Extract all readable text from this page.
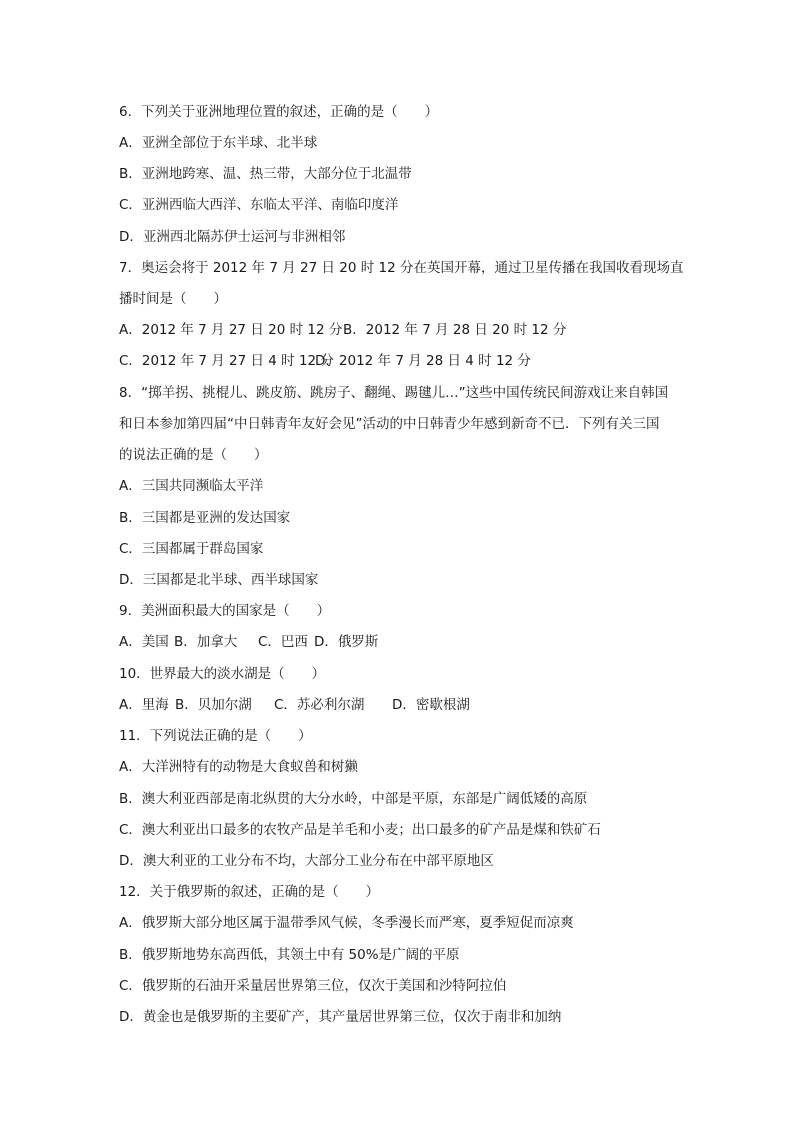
6．下列关于亚洲地理位置的叙述，正确的是（　　）
A．亚洲全部位于东半球、北半球
B．亚洲地跨寒、温、热三带，大部分位于北温带
C．亚洲西临大西洋、东临太平洋、南临印度洋
D．亚洲西北隔苏伊士运河与非洲相邻
7．奥运会将于 2012 年 7 月 27 日 20 时 12 分在英国开幕，通过卫星传播在我国收看现场直
播时间是（　　）
A．2012 年 7 月 27 日 20 时 12 分B．2012 年 7 月 28 日 20 时 12 分
C．2012 年 7 月 27 日 4 时 12 分D．2012 年 7 月 28 日 4 时 12 分
8．“掷羊拐、挑棍儿、跳皮筋、跳房子、翻绳、踢毽儿…”这些中国传统民间游戏让来自韩国
和日本参加第四届“中日韩青年友好会见”活动的中日韩青少年感到新奇不已．下列有关三国
的说法正确的是（　　）
A．三国共同濒临太平洋
B．三国都是亚洲的发达国家
C．三国都属于群岛国家
D．三国都是北半球、西半球国家
9．美洲面积最大的国家是（　　）
A．美国 B．加拿大 C．巴西 D．俄罗斯
10．世界最大的淡水湖是（　　）
A．里海 B．贝加尔湖 C．苏必利尔湖 D．密歇根湖
11．下列说法正确的是（　　）
A．大洋洲特有的动物是大食蚁兽和树獭
B．澳大利亚西部是南北纵贯的大分水岭，中部是平原，东部是广阔低矮的高原
C．澳大利亚出口最多的农牧产品是羊毛和小麦；出口最多的矿产品是煤和铁矿石
D．澳大利亚的工业分布不均，大部分工业分布在中部平原地区
12．关于俄罗斯的叙述，正确的是（　　）
A．俄罗斯大部分地区属于温带季风气候，冬季漫长而严寒，夏季短促而凉爽
B．俄罗斯地势东高西低，其领土中有 50%是广阔的平原
C．俄罗斯的石油开采量居世界第三位，仅次于美国和沙特阿拉伯
D．黄金也是俄罗斯的主要矿产，其产量居世界第三位，仅次于南非和加纳
